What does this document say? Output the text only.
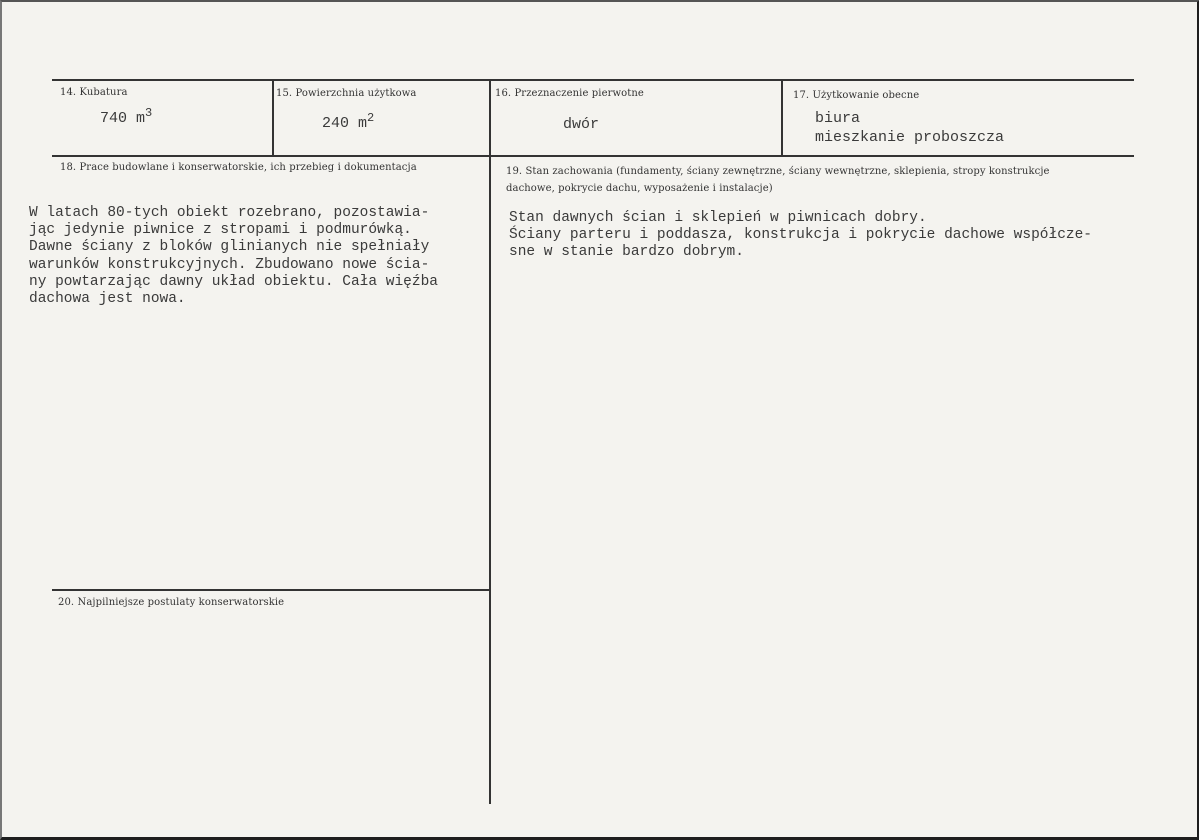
14. Kubatura
740 $m^3$
15. Powierzchnia użytkowa
240 $m^2$
16. Przeznaczenie pierwotne
dwór
17. Użytkowanie obecne
biura
mieszkanie proboszcza
18. Prace budowlane i konserwatorskie, ich przebieg i dokumentacja
W latach 80-tych obiekt rozebrano, pozostawia-
jąc jedynie piwnice z stropami i podmurówką.
Dawne ściany z bloków glinianych nie spełniały
warunków konstrukcyjnych. Zbudowano nowe ścia-
ny powtarzając dawny układ obiektu. Cała więźba
dachowa jest nowa.
19. Stan zachowania (fundamenty, ściany zewnętrzne, ściany wewnętrzne, sklepienia, stropy konstrukcje dachowe, pokrycie dachu, wyposażenie i instalacje)
Stan dawnych ścian i sklepień w piwnicach dobry.
Ściany parteru i poddasza, konstrukcja i pokrycie dachowe współcze-
sne w stanie bardzo dobrym.
20. Najpilniejsze postulaty konserwatorskie
